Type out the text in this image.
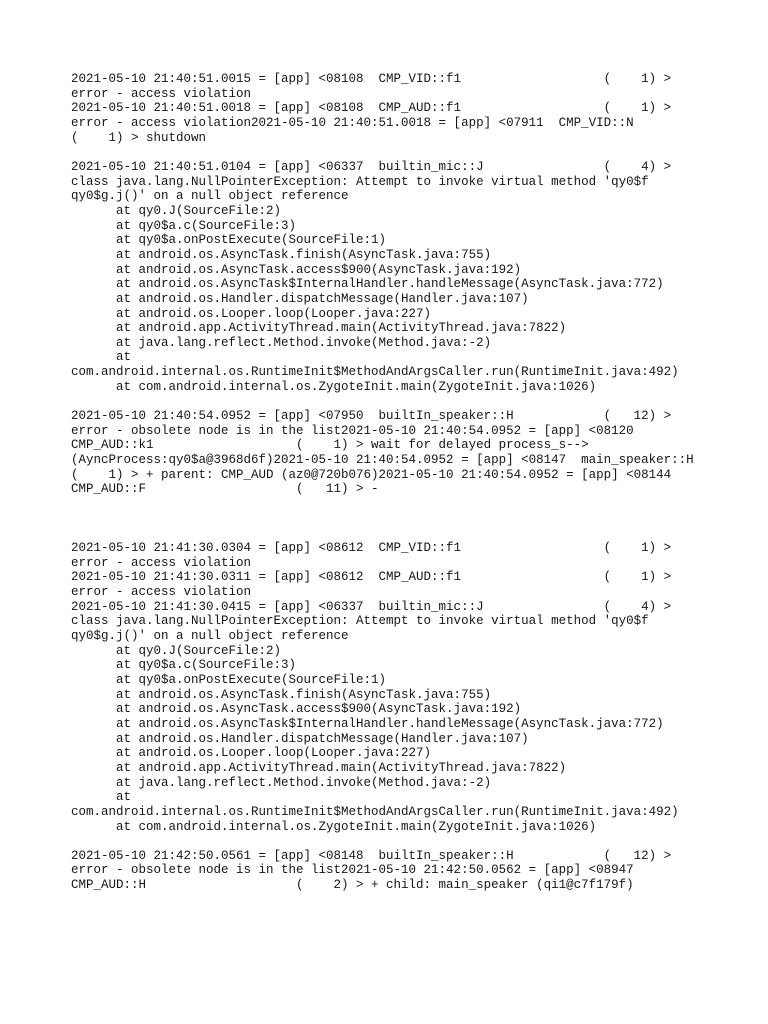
2021-05-10 21:40:51.0015 = [app] <08108  CMP_VID::f1                   (    1) >
error - access violation
2021-05-10 21:40:51.0018 = [app] <08108  CMP_AUD::f1                   (    1) >
error - access violation2021-05-10 21:40:51.0018 = [app] <07911  CMP_VID::N
(    1) > shutdown
2021-05-10 21:40:51.0104 = [app] <06337  builtin_mic::J                (    4) >
class java.lang.NullPointerException: Attempt to invoke virtual method 'qy0$f
qy0$g.j()' on a null object reference
at qy0.J(SourceFile:2)
at qy0$a.c(SourceFile:3)
at qy0$a.onPostExecute(SourceFile:1)
at android.os.AsyncTask.finish(AsyncTask.java:755)
at android.os.AsyncTask.access$900(AsyncTask.java:192)
at android.os.AsyncTask$InternalHandler.handleMessage(AsyncTask.java:772)
at android.os.Handler.dispatchMessage(Handler.java:107)
at android.os.Looper.loop(Looper.java:227)
at android.app.ActivityThread.main(ActivityThread.java:7822)
at java.lang.reflect.Method.invoke(Method.java:-2)
at
com.android.internal.os.RuntimeInit$MethodAndArgsCaller.run(RuntimeInit.java:492)
at com.android.internal.os.ZygoteInit.main(ZygoteInit.java:1026)
2021-05-10 21:40:54.0952 = [app] <07950  builtIn_speaker::H            (   12) >
error - obsolete node is in the list2021-05-10 21:40:54.0952 = [app] <08120
CMP_AUD::k1                   (    1) > wait for delayed process_s-->
(AyncProcess:qy0$a@3968d6f)2021-05-10 21:40:54.0952 = [app] <08147  main_speaker::H
(    1) > + parent: CMP_AUD (az0@720b076)2021-05-10 21:40:54.0952 = [app] <08144
CMP_AUD::F                    (   11) > -
2021-05-10 21:41:30.0304 = [app] <08612  CMP_VID::f1                   (    1) >
error - access violation
2021-05-10 21:41:30.0311 = [app] <08612  CMP_AUD::f1                   (    1) >
error - access violation
2021-05-10 21:41:30.0415 = [app] <06337  builtin_mic::J                (    4) >
class java.lang.NullPointerException: Attempt to invoke virtual method 'qy0$f
qy0$g.j()' on a null object reference
at qy0.J(SourceFile:2)
at qy0$a.c(SourceFile:3)
at qy0$a.onPostExecute(SourceFile:1)
at android.os.AsyncTask.finish(AsyncTask.java:755)
at android.os.AsyncTask.access$900(AsyncTask.java:192)
at android.os.AsyncTask$InternalHandler.handleMessage(AsyncTask.java:772)
at android.os.Handler.dispatchMessage(Handler.java:107)
at android.os.Looper.loop(Looper.java:227)
at android.app.ActivityThread.main(ActivityThread.java:7822)
at java.lang.reflect.Method.invoke(Method.java:-2)
at
com.android.internal.os.RuntimeInit$MethodAndArgsCaller.run(RuntimeInit.java:492)
at com.android.internal.os.ZygoteInit.main(ZygoteInit.java:1026)
2021-05-10 21:42:50.0561 = [app] <08148  builtIn_speaker::H            (   12) >
error - obsolete node is in the list2021-05-10 21:42:50.0562 = [app] <08947
CMP_AUD::H                    (    2) > + child: main_speaker (qi1@c7f179f)
